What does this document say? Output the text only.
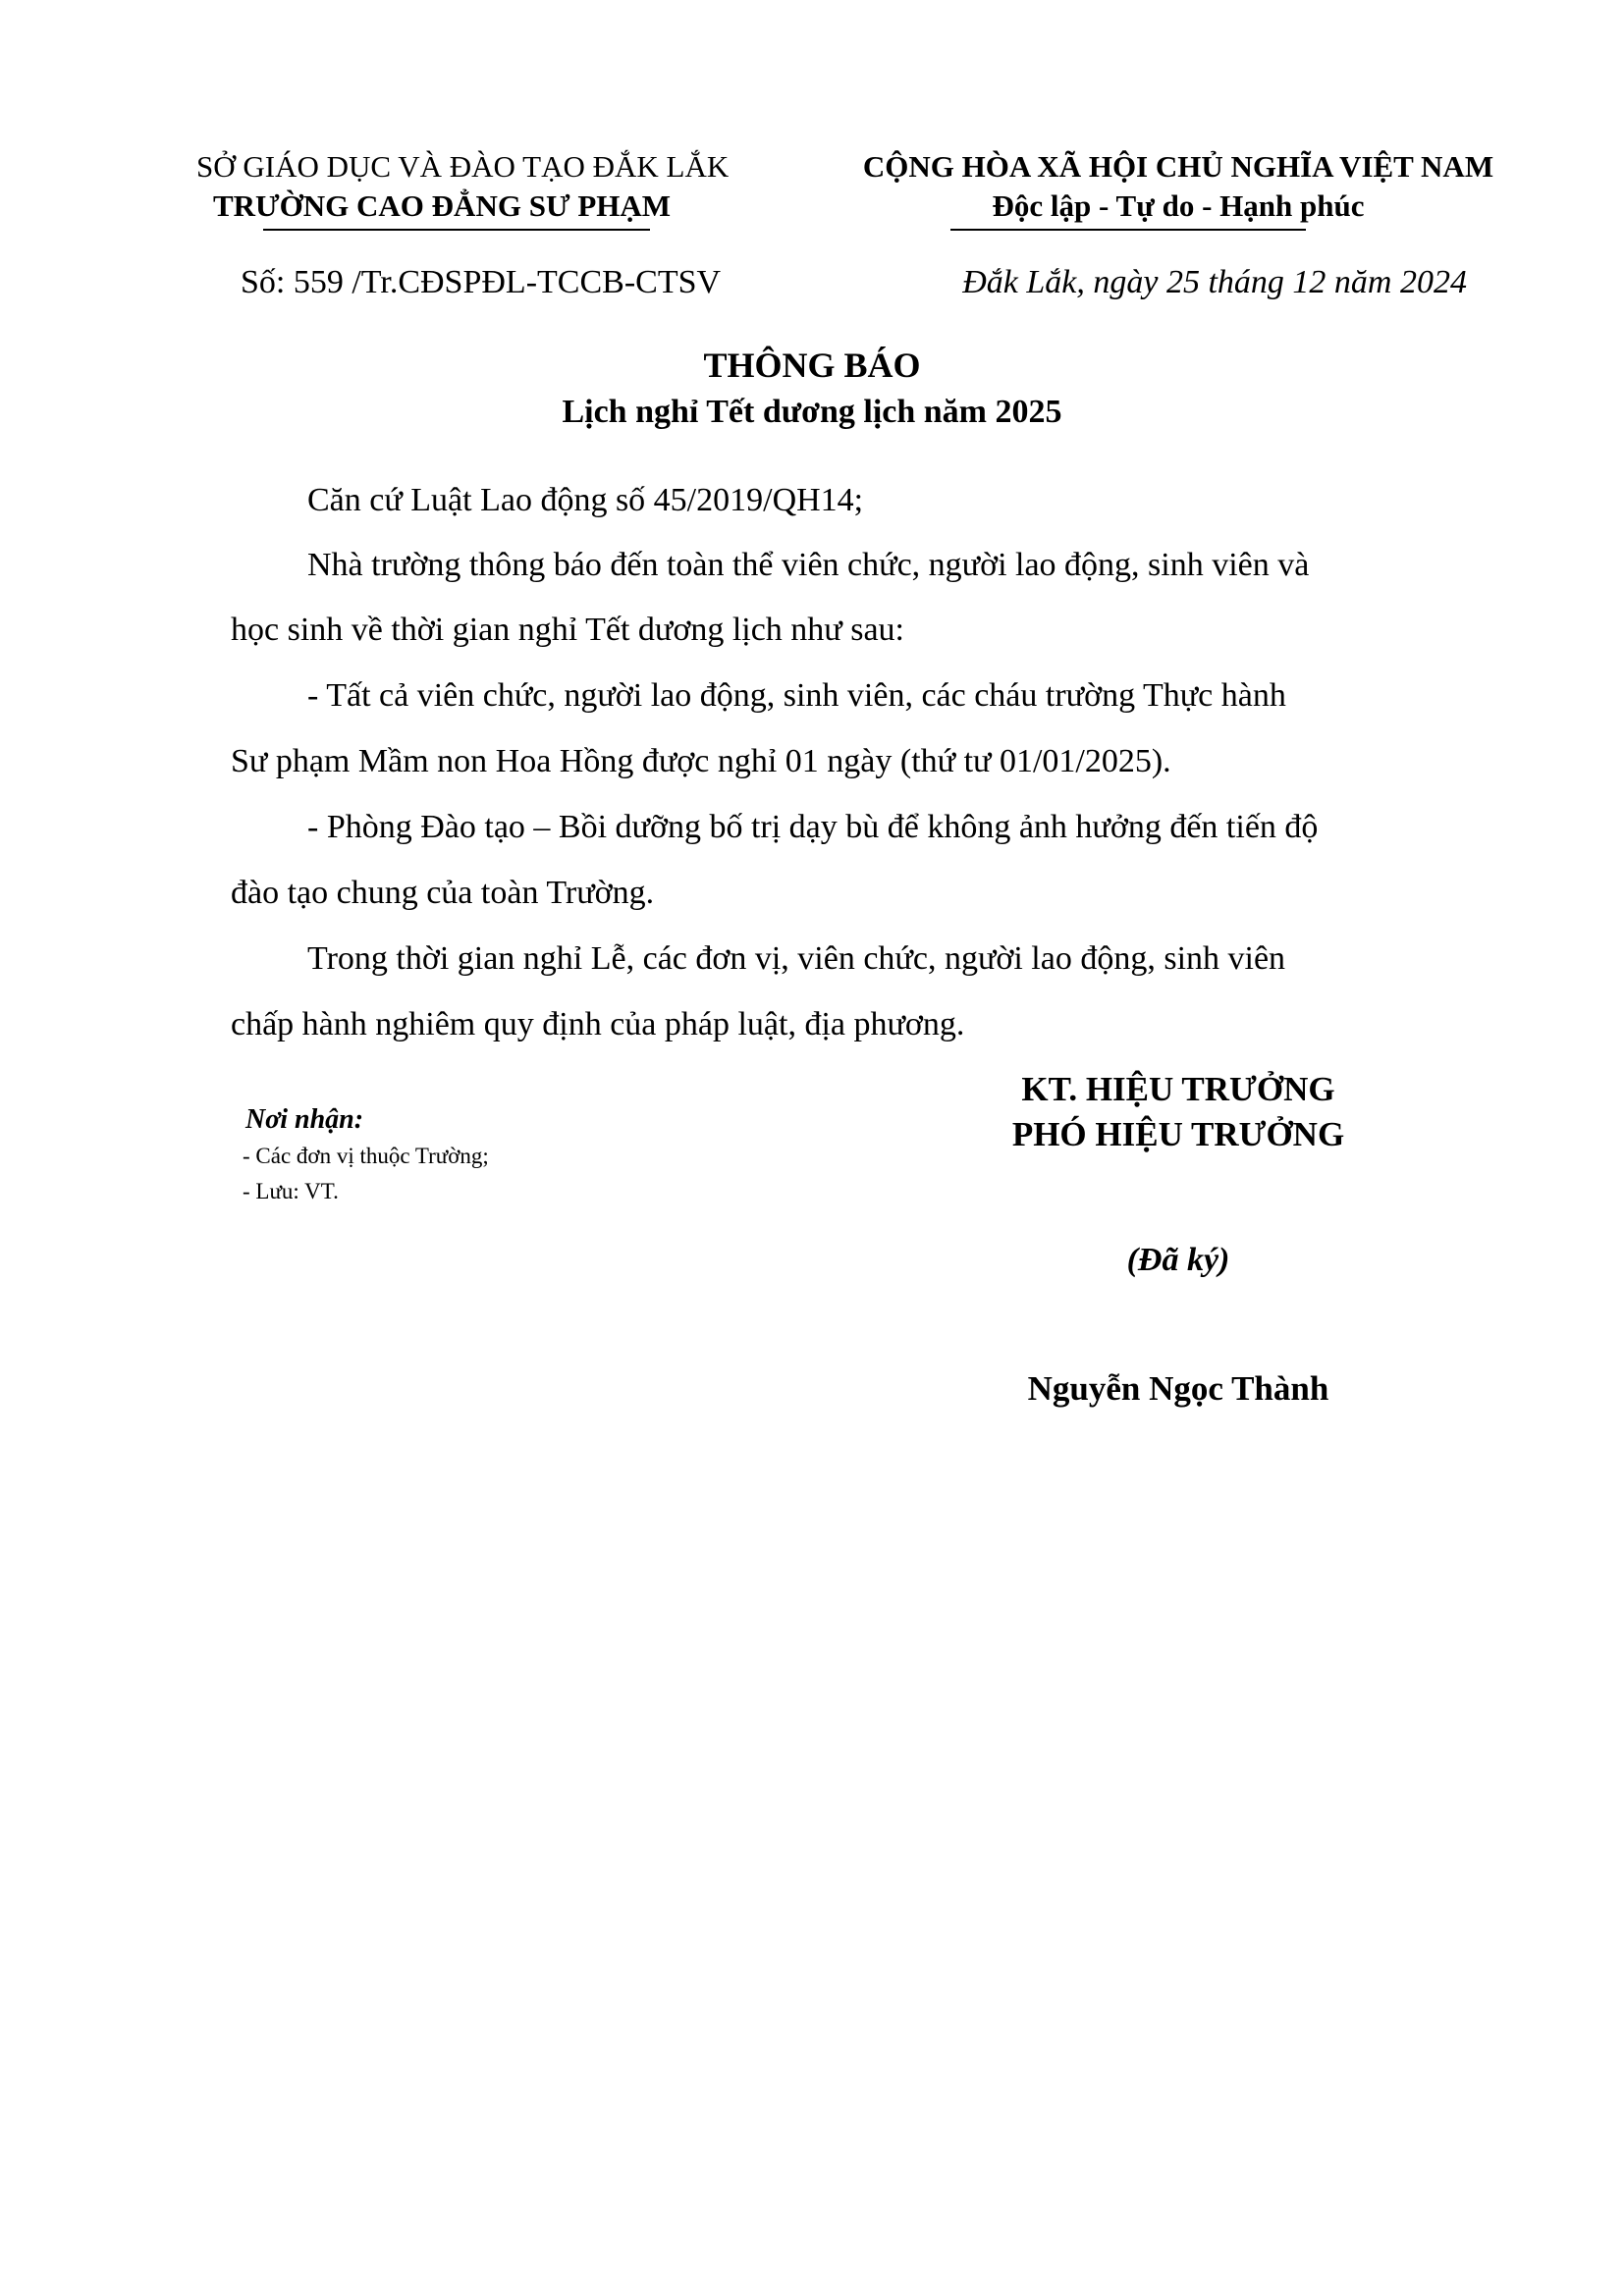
SỞ GIÁO DỤC VÀ ĐÀO TẠO ĐẮK LẮK
TRƯỜNG CAO ĐẲNG SƯ PHẠM
CỘNG HÒA XÃ HỘI CHỦ NGHĨA VIỆT NAM
Độc lập - Tự do - Hạnh phúc
Số: 559 /Tr.CĐSPĐL-TCCB-CTSV	Đắk Lắk, ngày 25 tháng 12 năm 2024
THÔNG BÁO
Lịch nghỉ Tết dương lịch năm 2025
Căn cứ Luật Lao động số 45/2019/QH14;
Nhà trường thông báo đến toàn thể viên chức, người lao động, sinh viên và
học sinh về thời gian nghỉ Tết dương lịch như sau:
- Tất cả viên chức, người lao động, sinh viên, các cháu trường Thực hành
Sư phạm Mầm non Hoa Hồng được nghỉ 01 ngày (thứ tư 01/01/2025).
- Phòng Đào tạo – Bồi dưỡng bố trị dạy bù để không ảnh hưởng đến tiến độ
đào tạo chung của toàn Trường.
Trong thời gian nghỉ Lễ, các đơn vị, viên chức, người lao động, sinh viên
chấp hành nghiêm quy định của pháp luật, địa phương.
Nơi nhận:
- Các đơn vị thuộc Trường;
- Lưu: VT.
KT. HIỆU TRƯỞNG
PHÓ HIỆU TRƯỞNG
(Đã ký)
Nguyễn Ngọc Thành
